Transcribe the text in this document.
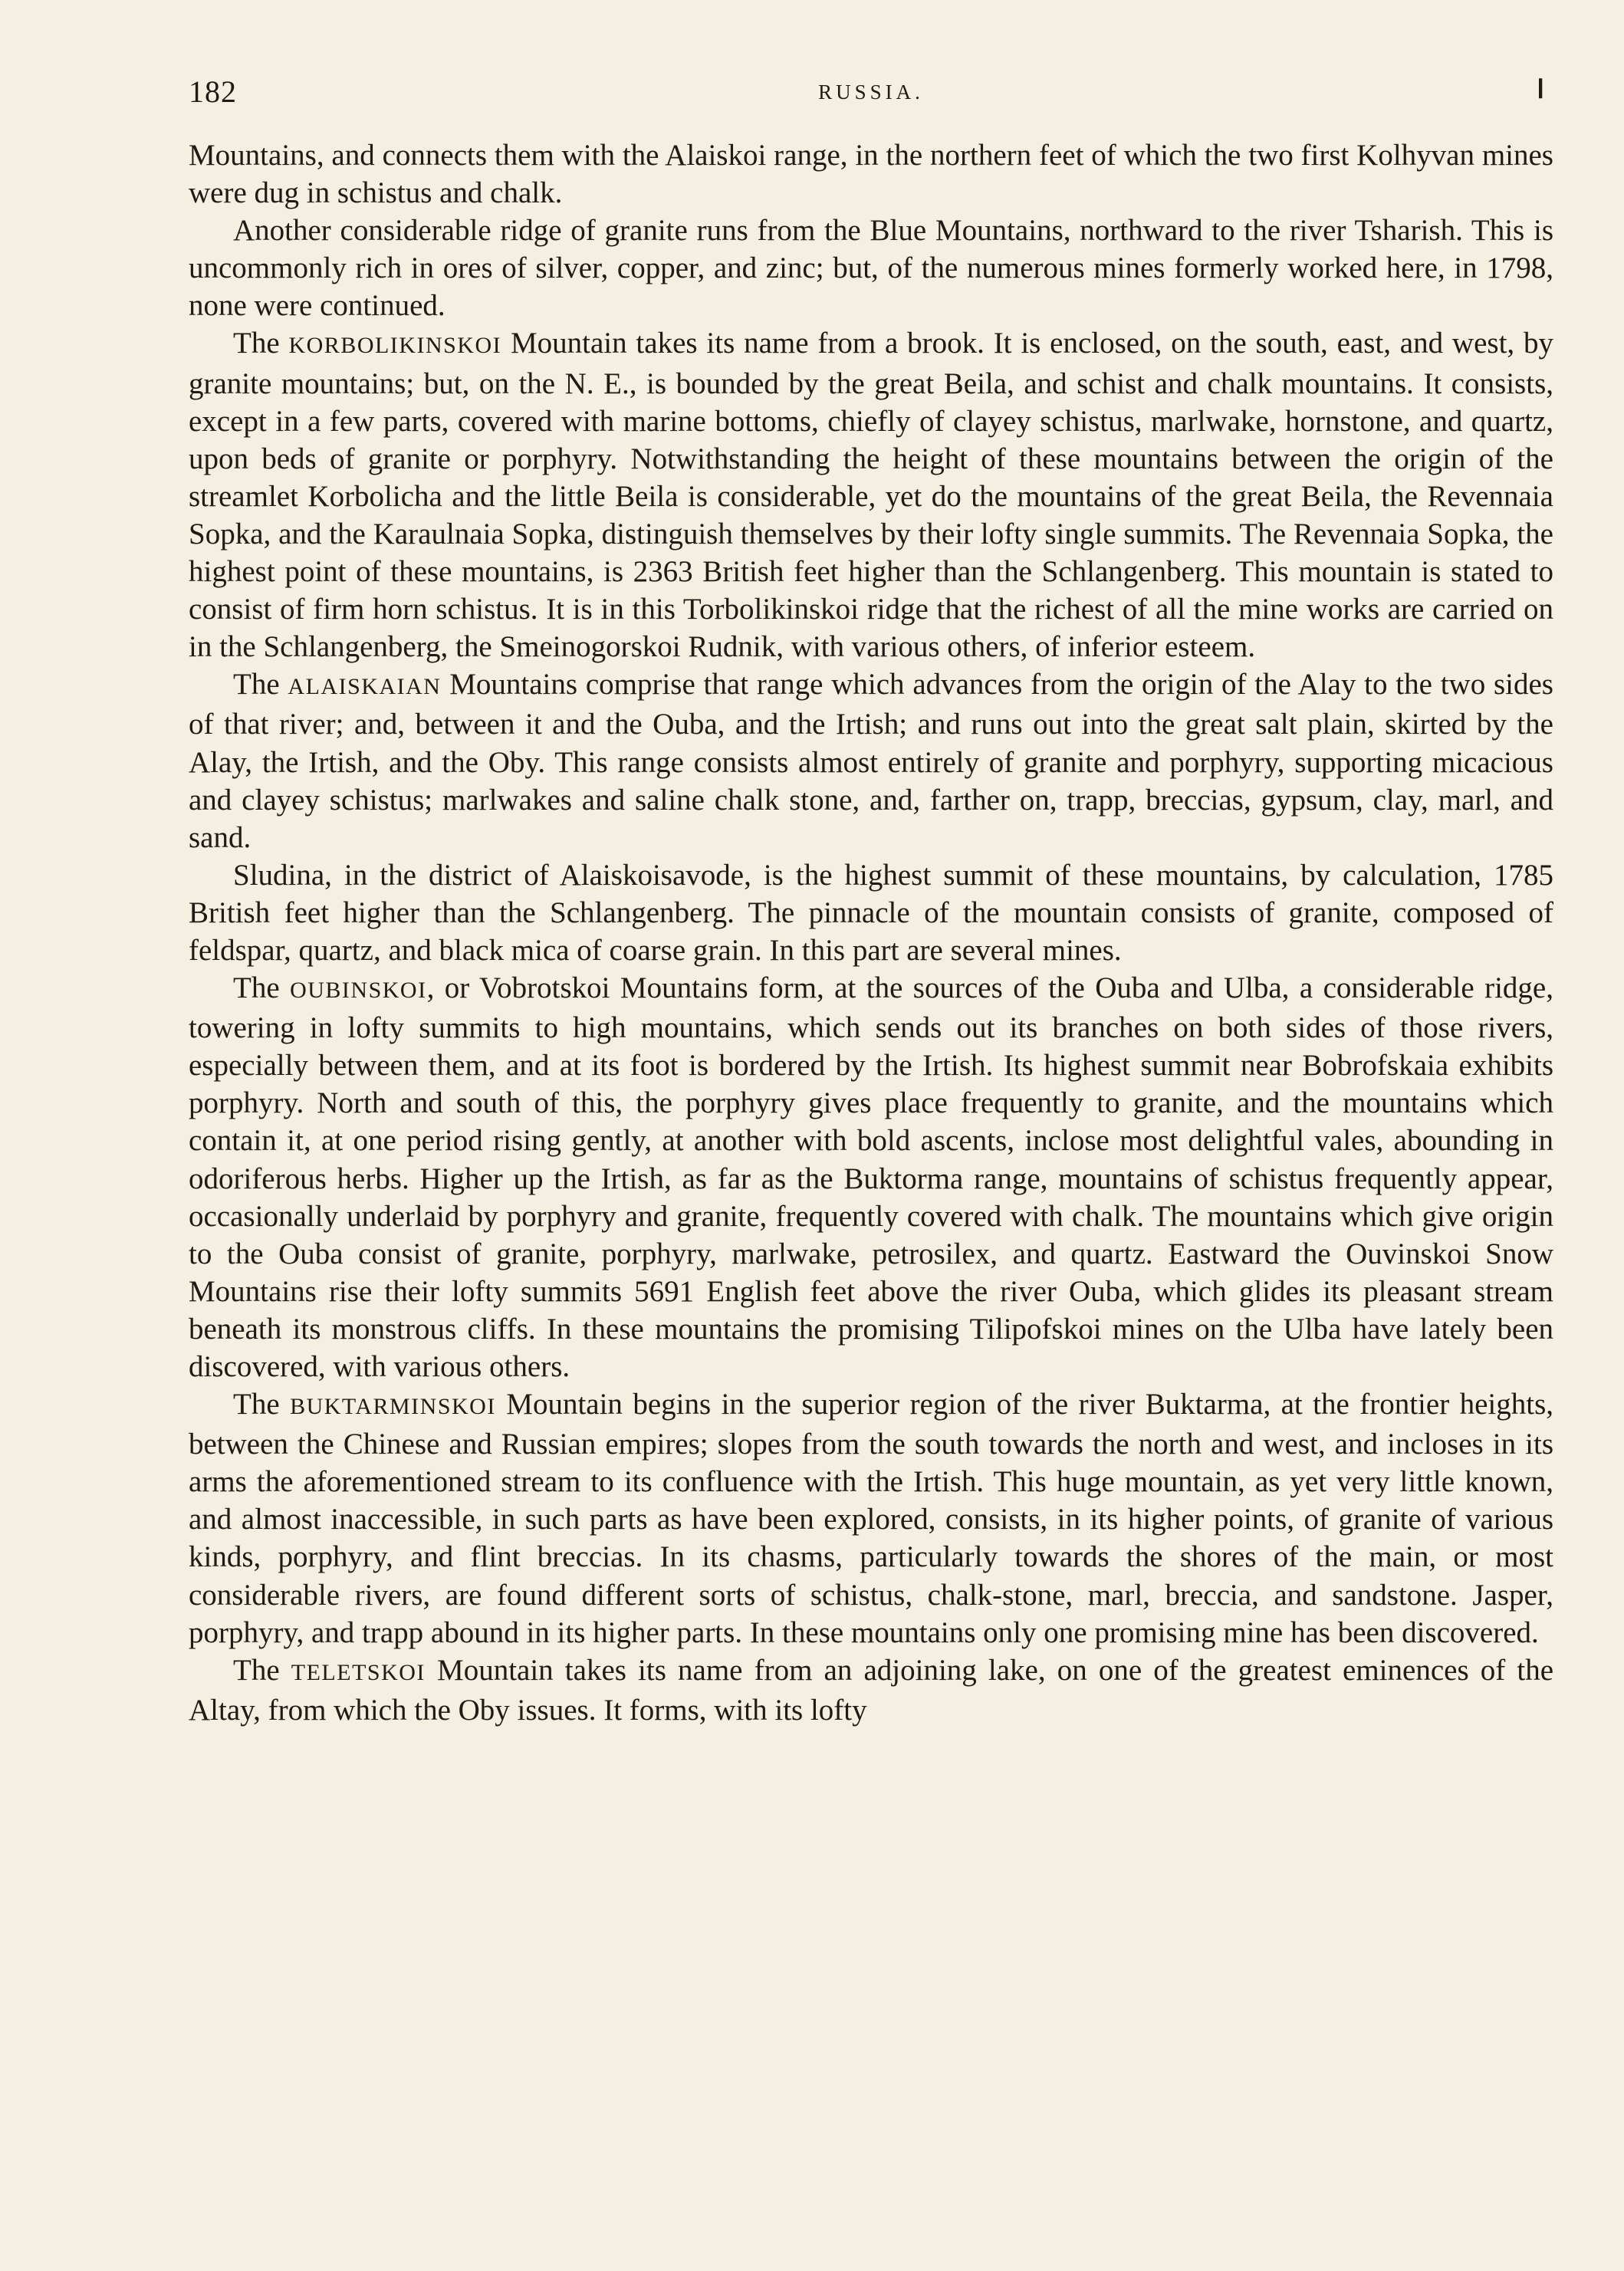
182	RUSSIA.	❙

Mountains, and connects them with the Alaiskoi range, in the northern feet of which the two first Kolhyvan mines were dug in schistus and chalk.

Another considerable ridge of granite runs from the Blue Mountains, northward to the river Tsharish. This is uncommonly rich in ores of silver, copper, and zinc; but, of the numerous mines formerly worked here, in 1798, none were continued.

The KORBOLIKINSKOI Mountain takes its name from a brook. It is enclosed, on the south, east, and west, by granite mountains; but, on the N. E., is bounded by the great Beila, and schist and chalk mountains. It consists, except in a few parts, covered with marine bottoms, chiefly of clayey schistus, marlwake, hornstone, and quartz, upon beds of granite or porphyry. Notwithstanding the height of these mountains between the origin of the streamlet Korbolicha and the little Beila is considerable, yet do the mountains of the great Beila, the Revennaia Sopka, and the Karaulnaia Sopka, distinguish themselves by their lofty single summits. The Revennaia Sopka, the highest point of these mountains, is 2363 British feet higher than the Schlangenberg. This mountain is stated to consist of firm horn schistus. It is in this Torbolikinskoi ridge that the richest of all the mine works are carried on in the Schlangenberg, the Smeinogorskoi Rudnik, with various others, of inferior esteem.

The ALAISKAIAN Mountains comprise that range which advances from the origin of the Alay to the two sides of that river; and, between it and the Ouba, and the Irtish; and runs out into the great salt plain, skirted by the Alay, the Irtish, and the Oby. This range consists almost entirely of granite and porphyry, supporting micacious and clayey schistus; marlwakes and saline chalk stone, and, farther on, trapp, breccias, gypsum, clay, marl, and sand.

Sludina, in the district of Alaiskoisavode, is the highest summit of these mountains, by calculation, 1785 British feet higher than the Schlangenberg. The pinnacle of the mountain consists of granite, composed of feldspar, quartz, and black mica of coarse grain. In this part are several mines.

The OUBINSKOI, or Vobrotskoi Mountains form, at the sources of the Ouba and Ulba, a considerable ridge, towering in lofty summits to high mountains, which sends out its branches on both sides of those rivers, especially between them, and at its foot is bordered by the Irtish. Its highest summit near Bobrofskaia exhibits porphyry. North and south of this, the porphyry gives place frequently to granite, and the mountains which contain it, at one period rising gently, at another with bold ascents, inclose most delightful vales, abounding in odoriferous herbs. Higher up the Irtish, as far as the Buktorma range, mountains of schistus frequently appear, occasionally underlaid by porphyry and granite, frequently covered with chalk. The mountains which give origin to the Ouba consist of granite, porphyry, marlwake, petrosilex, and quartz. Eastward the Ouvinskoi Snow Mountains rise their lofty summits 5691 English feet above the river Ouba, which glides its pleasant stream beneath its monstrous cliffs. In these mountains the promising Tilipofskoi mines on the Ulba have lately been discovered, with various others.

The BUKTARMINSKOI Mountain begins in the superior region of the river Buktarma, at the frontier heights, between the Chinese and Russian empires; slopes from the south towards the north and west, and incloses in its arms the aforementioned stream to its confluence with the Irtish. This huge mountain, as yet very little known, and almost inaccessible, in such parts as have been explored, consists, in its higher points, of granite of various kinds, porphyry, and flint breccias. In its chasms, particularly towards the shores of the main, or most considerable rivers, are found different sorts of schistus, chalk-stone, marl, breccia, and sandstone. Jasper, porphyry, and trapp abound in its higher parts. In these mountains only one promising mine has been discovered.

The TELETSKOI Mountain takes its name from an adjoining lake, on one of the greatest eminences of the Altay, from which the Oby issues. It forms, with its lofty
